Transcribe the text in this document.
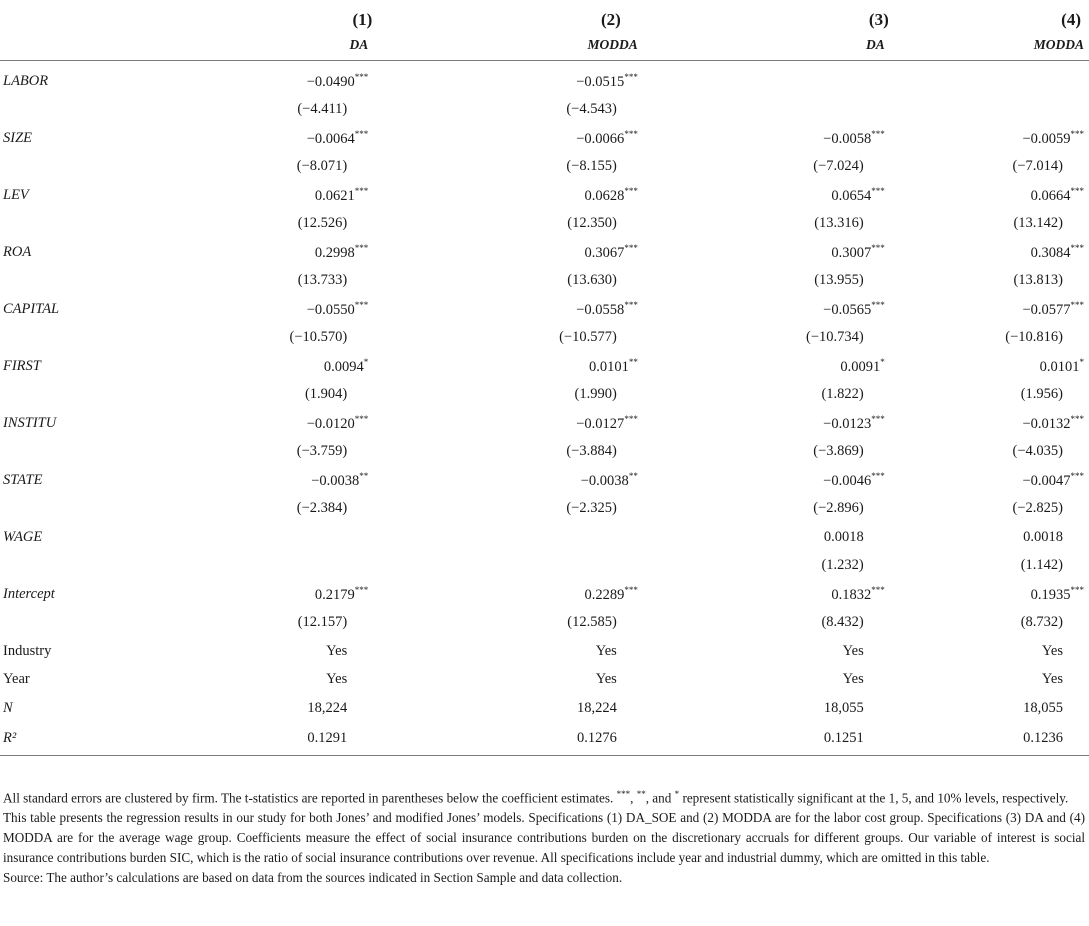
	(1)	(2)	(3)	(4)
	DA	MODDA	DA	MODDA
LABOR	−0.0490***	−0.0515***		
	(−4.411)	(−4.543)		
SIZE	−0.0064***	−0.0066***	−0.0058***	−0.0059***
	(−8.071)	(−8.155)	(−7.024)	(−7.014)
LEV	0.0621***	0.0628***	0.0654***	0.0664***
	(12.526)	(12.350)	(13.316)	(13.142)
ROA	0.2998***	0.3067***	0.3007***	0.3084***
	(13.733)	(13.630)	(13.955)	(13.813)
CAPITAL	−0.0550***	−0.0558***	−0.0565***	−0.0577***
	(−10.570)	(−10.577)	(−10.734)	(−10.816)
FIRST	0.0094*	0.0101**	0.0091*	0.0101*
	(1.904)	(1.990)	(1.822)	(1.956)
INSTITU	−0.0120***	−0.0127***	−0.0123***	−0.0132***
	(−3.759)	(−3.884)	(−3.869)	(−4.035)
STATE	−0.0038**	−0.0038**	−0.0046***	−0.0047***
	(−2.384)	(−2.325)	(−2.896)	(−2.825)
WAGE			0.0018	0.0018
			(1.232)	(1.142)
Intercept	0.2179***	0.2289***	0.1832***	0.1935***
	(12.157)	(12.585)	(8.432)	(8.732)
Industry	Yes	Yes	Yes	Yes
Year	Yes	Yes	Yes	Yes
N	18,224	18,224	18,055	18,055
R²	0.1291	0.1276	0.1251	0.1236

All standard errors are clustered by firm. The t-statistics are reported in parentheses below the coefficient estimates. ***, **, and * represent statistically significant at the 1, 5, and 10% levels, respectively.

This table presents the regression results in our study for both Jones’ and modified Jones’ models. Specifications (1) DA_SOE and (2) MODDA are for the labor cost group. Specifications (3) DA and (4) MODDA are for the average wage group. Coefficients measure the effect of social insurance contributions burden on the discretionary accruals for different groups. Our variable of interest is social insurance contributions burden SIC, which is the ratio of social insurance contributions over revenue. All specifications include year and industrial dummy, which are omitted in this table.

Source: The author’s calculations are based on data from the sources indicated in Section Sample and data collection.
